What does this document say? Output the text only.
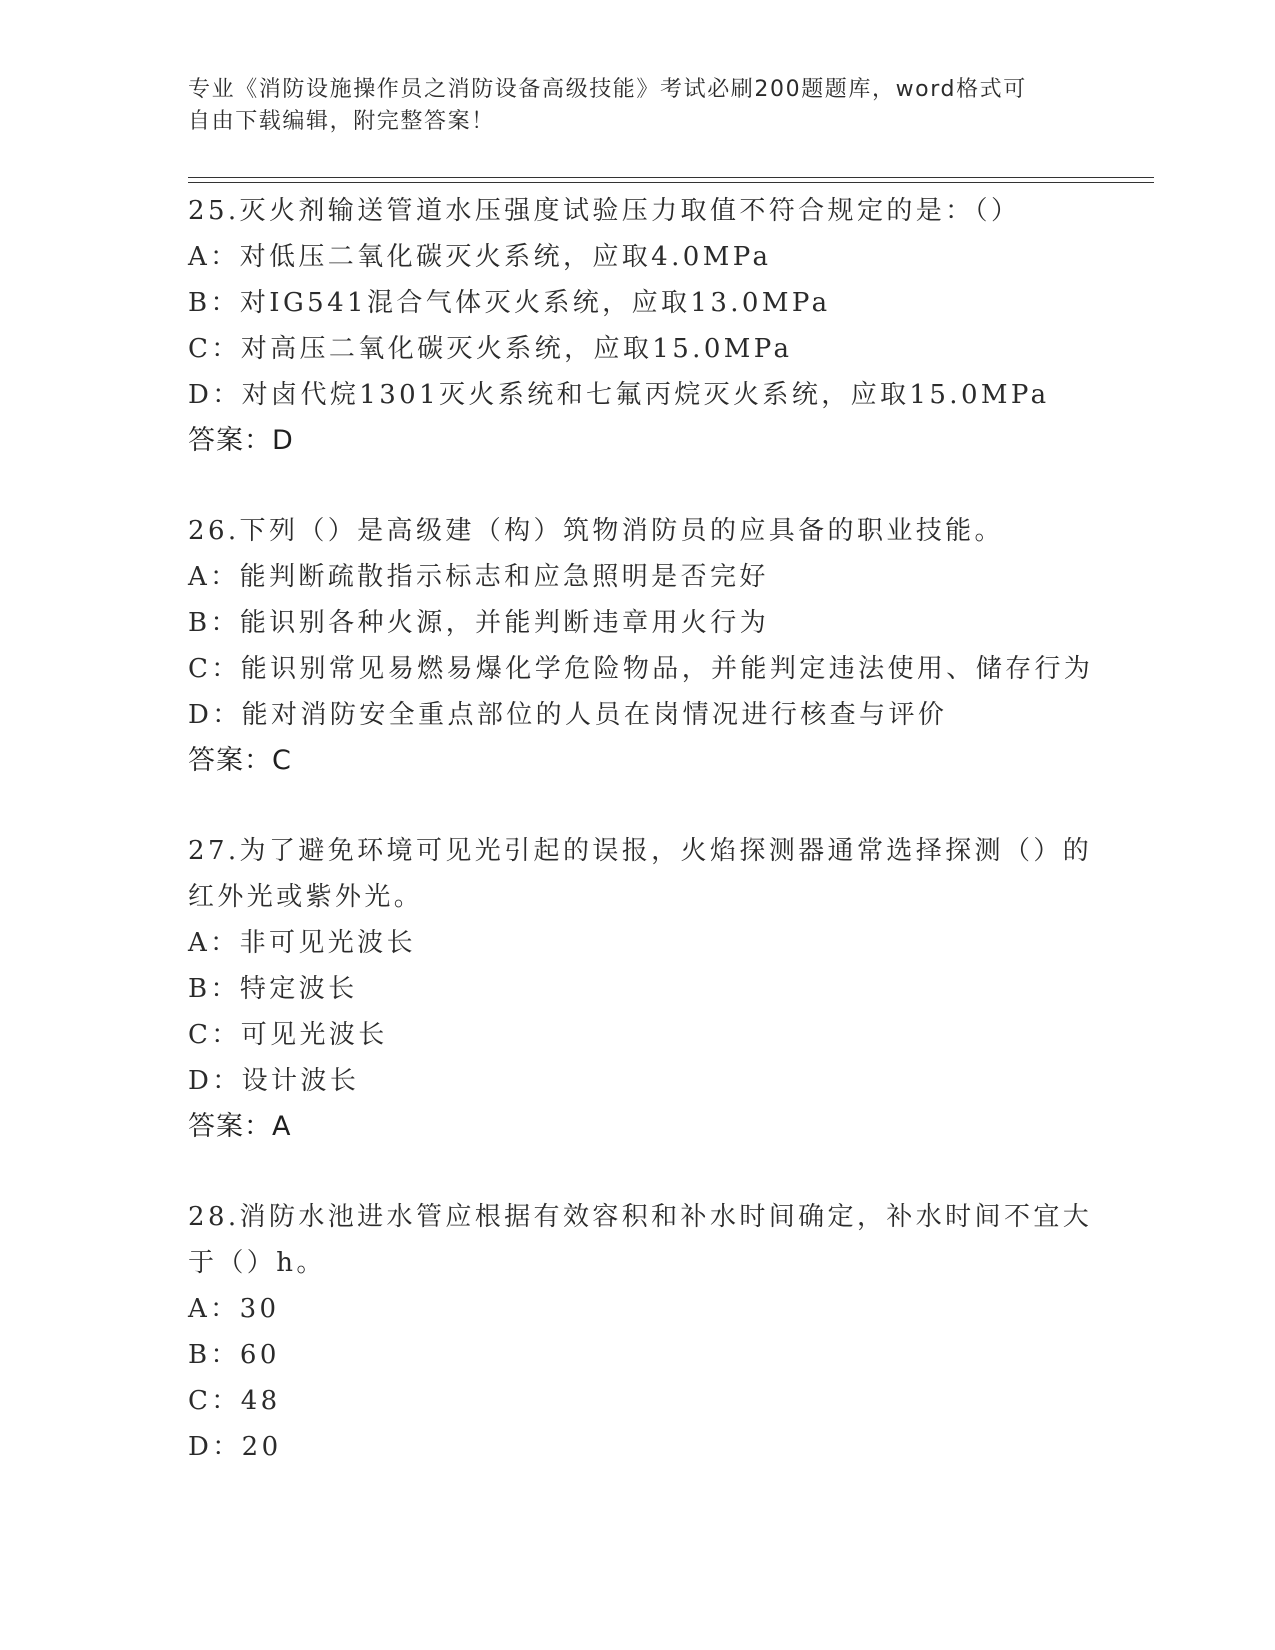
专业《消防设施操作员之消防设备高级技能》考试必刷200题题库，word格式可
自由下载编辑，附完整答案！
25.灭火剂输送管道水压强度试验压力取值不符合规定的是：（）
A：对低压二氧化碳灭火系统，应取4.0MPa
B：对IG541混合气体灭火系统，应取13.0MPa
C：对高压二氧化碳灭火系统，应取15.0MPa
D：对卤代烷1301灭火系统和七氟丙烷灭火系统，应取15.0MPa
答案：D
26.下列（）是高级建（构）筑物消防员的应具备的职业技能。
A：能判断疏散指示标志和应急照明是否完好
B：能识别各种火源，并能判断违章用火行为
C：能识别常见易燃易爆化学危险物品，并能判定违法使用、储存行为
D：能对消防安全重点部位的人员在岗情况进行核查与评价
答案：C
27.为了避免环境可见光引起的误报，火焰探测器通常选择探测（）的
红外光或紫外光。
A：非可见光波长
B：特定波长
C：可见光波长
D：设计波长
答案：A
28.消防水池进水管应根据有效容积和补水时间确定，补水时间不宜大
于（）h。
A：30
B：60
C：48
D：20
